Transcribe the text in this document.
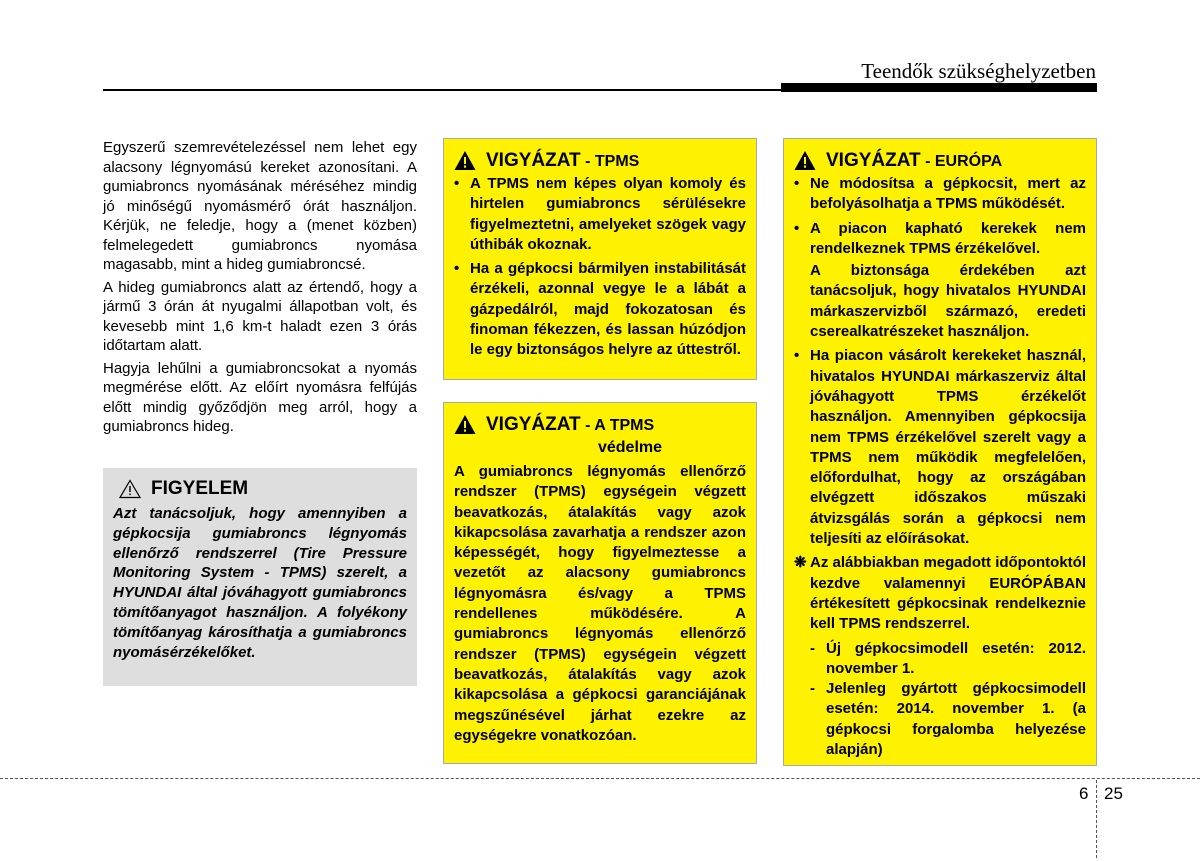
Teendők szükséghelyzetben

Egyszerű szemrevételezéssel nem lehet egy alacsony légnyomású kereket azonosítani. A gumiabroncs nyomásának méréséhez mindig jó minőségű nyomásmérő órát használjon. Kérjük, ne feledje, hogy a (menet közben) felmelegedett gumiabroncs nyomása magasabb, mint a hideg gumiabroncsé.

A hideg gumiabroncs alatt az értendő, hogy a jármű 3 órán át nyugalmi állapotban volt, és kevesebb mint 1,6 km-t haladt ezen 3 órás időtartam alatt.

Hagyja lehűlni a gumiabroncsokat a nyomás megmérése előtt. Az előírt nyomásra felfújás előtt mindig győződjön meg arról, hogy a gumiabroncs hideg.

FIGYELEM
Azt tanácsoljuk, hogy amennyiben a gépkocsija gumiabroncs légnyomás ellenőrző rendszerrel (Tire Pressure Monitoring System - TPMS) szerelt, a HYUNDAI által jóváhagyott gumiabroncs tömítőanyagot használjon. A folyékony tömítőanyag károsíthatja a gumiabroncs nyomásérzékelőket.
VIGYÁZAT - TPMS
• A TPMS nem képes olyan komoly és hirtelen gumiabroncs sérülésekre figyelmeztetni, amelyeket szögek vagy úthibák okoznak.
• Ha a gépkocsi bármilyen instabilitását érzékeli, azonnal vegye le a lábát a gázpedálról, majd fokozatosan és finoman fékezzen, és lassan húzódjon le egy biztonságos helyre az úttestről.
VIGYÁZAT - A TPMS
védelme
A gumiabroncs légnyomás ellenőrző rendszer (TPMS) egységein végzett beavatkozás, átalakítás vagy azok kikapcsolása zavarhatja a rendszer azon képességét, hogy figyelmeztesse a vezetőt az alacsony gumiabroncs légnyomásra és/vagy a TPMS rendellenes működésére. A gumiabroncs légnyomás ellenőrző rendszer (TPMS) egységein végzett beavatkozás, átalakítás vagy azok kikapcsolása a gépkocsi garanciájának megszűnésével járhat ezekre az egységekre vonatkozóan.
VIGYÁZAT - EURÓPA
• Ne módosítsa a gépkocsit, mert az befolyásolhatja a TPMS működését.
• A piacon kapható kerekek nem rendelkeznek TPMS érzékelővel.
A biztonsága érdekében azt tanácsoljuk, hogy hivatalos HYUNDAI márkaszervizből származó, eredeti cserealkatrészeket használjon.
• Ha piacon vásárolt kerekeket használ, hivatalos HYUNDAI márkaszerviz által jóváhagyott TPMS érzékelőt használjon. Amennyiben gépkocsija nem TPMS érzékelővel szerelt vagy a TPMS nem működik megfelelően, előfordulhat, hogy az országában elvégzett időszakos műszaki átvizsgálás során a gépkocsi nem teljesíti az előírásokat.
❋ Az alábbiakban megadott időpontoktól kezdve valamennyi EURÓPÁBAN értékesített gépkocsinak rendelkeznie kell TPMS rendszerrel.
- Új gépkocsimodell esetén: 2012. november 1.
- Jelenleg gyártott gépkocsimodell esetén: 2014. november 1. (a gépkocsi forgalomba helyezése alapján)
6 25
